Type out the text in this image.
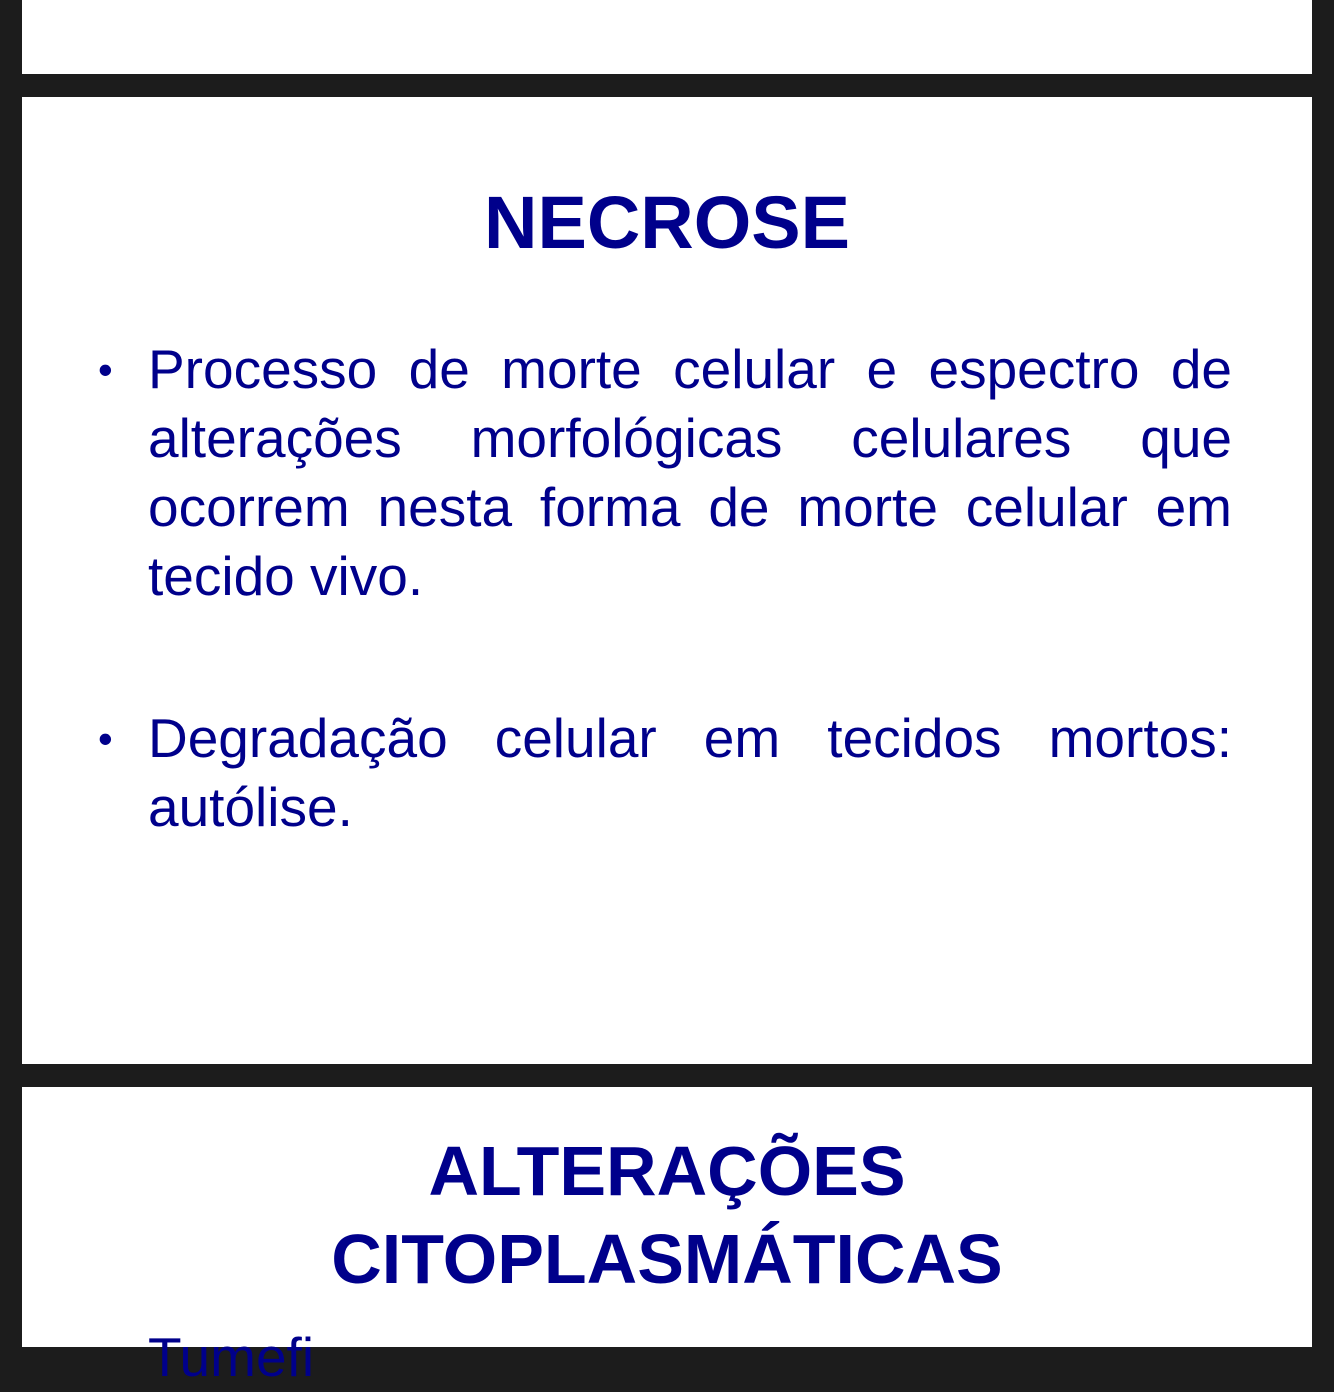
NECROSE
• Processo de morte celular e espectro de alterações morfológicas celulares que ocorrem nesta forma de morte celular em tecido vivo.
• Degradação celular em tecidos mortos: autólise.
ALTERAÇÕES
CITOPLASMÁTICAS
Tumefi
